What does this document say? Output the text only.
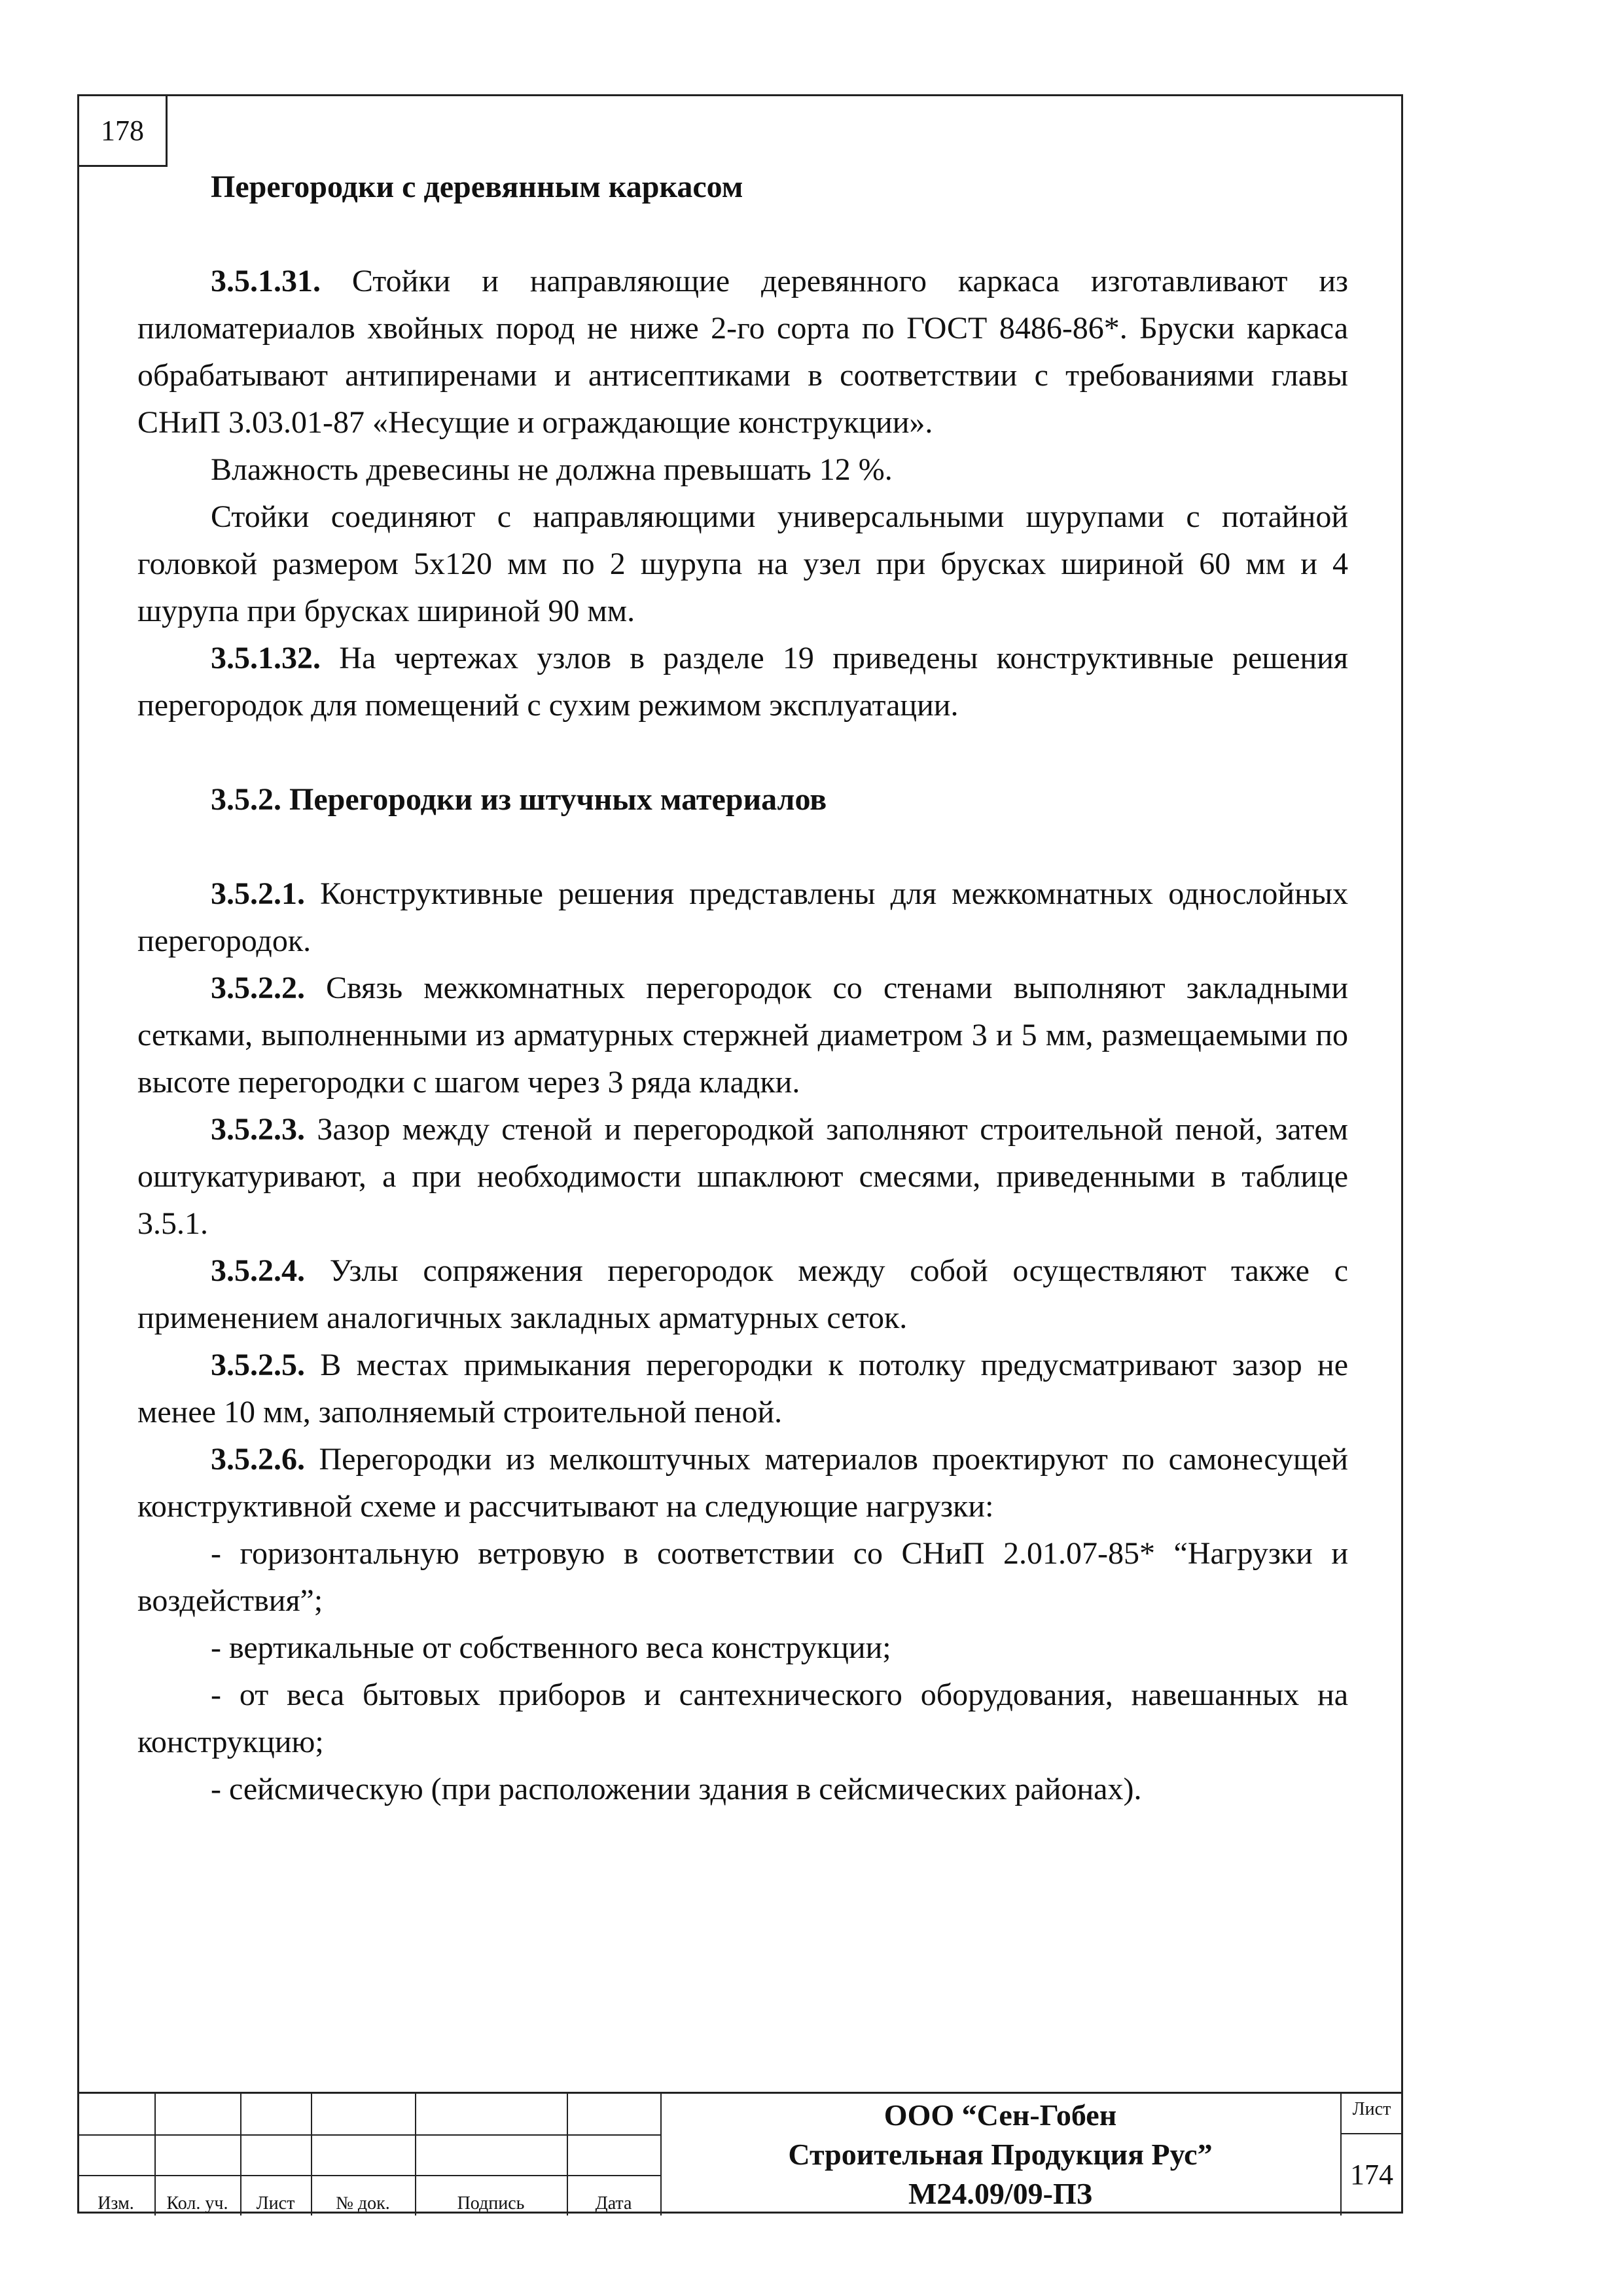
178

Перегородки с деревянным каркасом

3.5.1.31. Стойки и направляющие деревянного каркаса изготавливают из пиломатериалов хвойных пород не ниже 2-го сорта по ГОСТ 8486-86*. Бруски каркаса обрабатывают антипиренами и антисептиками в соответствии с требованиями главы СНиП 3.03.01-87 «Несущие и ограждающие конструкции».

Влажность древесины не должна превышать 12 %.

Стойки соединяют с направляющими универсальными шурупами с потайной головкой размером 5х120 мм по 2 шурупа на узел при брусках шириной 60 мм и 4 шурупа при брусках шириной 90 мм.

3.5.1.32. На чертежах узлов в разделе 19 приведены конструктивные решения перегородок для помещений с сухим режимом эксплуатации.

3.5.2. Перегородки из штучных материалов

3.5.2.1. Конструктивные решения представлены для межкомнатных однослойных перегородок.

3.5.2.2. Связь межкомнатных перегородок со стенами выполняют закладными сетками, выполненными из арматурных стержней диаметром 3 и 5 мм, размещаемыми по высоте перегородки с шагом через 3 ряда кладки.

3.5.2.3. Зазор между стеной и перегородкой заполняют строительной пеной, затем оштукатуривают, а при необходимости шпаклюют смесями, приведенными в таблице 3.5.1.

3.5.2.4. Узлы сопряжения перегородок между собой осуществляют также с применением аналогичных закладных арматурных сеток.

3.5.2.5. В местах примыкания перегородки к потолку предусматривают зазор не менее 10 мм, заполняемый строительной пеной.

3.5.2.6. Перегородки из мелкоштучных материалов проектируют по самонесущей конструктивной схеме и рассчитывают на следующие нагрузки:

- горизонтальную ветровую в соответствии со СНиП 2.01.07-85* “Нагрузки и воздействия”;

- вертикальные от собственного веса конструкции;

- от веса бытовых приборов и сантехнического оборудования, навешанных на конструкцию;

- сейсмическую (при расположении здания в сейсмических районах).

Изм.	Кол. уч.	Лист	№ док.	Подпись	Дата
ООО “Сен-Гобен
Строительная Продукция Рус”
М24.09/09-ПЗ
Лист
174
